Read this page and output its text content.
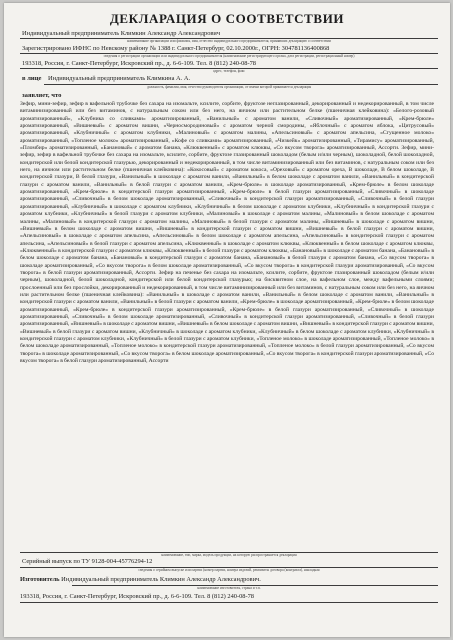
ДЕКЛАРАЦИЯ О СООТВЕТСТВИИ
Индивидуальный предприниматель Климкин Александр Александрович
наименование организации или фамилия, имя, отчество индивидуального предпринимателя, принявших декларацию о соответствии
Зарегистрировано ИФНС по Невскому району № 1388 г. Санкт-Петербург, 02.10.2000г., ОГРН: 304781136400868
сведения о регистрации организации или индивидуального предпринимателя (наименование регистрирующего органа, дата регистрации, регистрационный номер)
193318, Россия, г. Санкт-Петербург, Искровский пр., д. 6-6-109. Тел. 8 (812) 240-08-78
адрес, телефон, факс
в лице Индивидуальный предприниматель Климкина А. А.
должность, фамилия, имя, отчество руководителя организации, от имени которой принимается декларация
заявляет, что
Зефир, мини-зефир, зефир в вафельной трубочке без сахара на изомальте, ксилите, сорбите, фруктозе неглазированный, декорированный и недекорированный, в том числе витаминизированный или без витаминов, с натуральным соком или без него, на яичном или растительном белке (пшеничная клейковина): «Белого-розовый ароматизированный», «Клубника со сливками» ароматизированный, «Ванильный» с ароматом ванили, «Сливочный» ароматизированный, «Крем-брюле» ароматизированный, «Вишневый» с ароматом вишни, «Черносмородиновый» с ароматом черной смородины, «Яблочный» с ароматом яблока, «Цитрусовый» ароматизированный, «Клубничный» с ароматом клубники, «Малиновый» с ароматом малины, «Апельсиновый» с ароматом апельсина, «Сгущенное молоко» ароматизированный, «Топленое молоко» ароматизированный, «Кофе со сливками» ароматизированный, «Чизкейк» ароматизированный, «Тирамису» ароматизированный, «Пломбир» ароматизированный, «Банановый» с ароматом банана, «Клюквенный» с ароматом клюквы, «Со вкусом творога» ароматизированный, Ассорти. Зефир, мини-зефир, зефир в вафельной трубочке без сахара на изомальте, ксилите, сорбите, фруктозе глазированный шоколадом (белым и/или черным), шоколадной, белой шоколадной, кондитерской или белой кондитерской глазурью, декорированный и недекорированный, в том числе витаминизированный или без витаминов, с натуральным соком или без него, на яичном или растительном белке (пшеничная клейковина): «Кокосовый» с ароматом кокоса, «Ореховый» с ароматом ореха, В шоколаде, В белом шоколаде, В кондитерской глазури, В белой глазури, «Ванильный» в шоколаде с ароматом ванили, «Ванильный» в белом шоколаде с ароматом ванили, «Ванильный» в кондитерской глазури с ароматом ванили, «Ванильный» в белой глазури с ароматом ванили, «Крем-брюле» в шоколаде ароматизированный, «Крем-брюле» в белом шоколаде ароматизированный, «Крем-брюле» в кондитерской глазури ароматизированный, «Крем-брюле» в белой глазури ароматизированный, «Сливочный» в шоколаде ароматизированный, «Сливочный» в белом шоколаде ароматизированный, «Сливочный» в кондитерской глазури ароматизированный, «Сливочный» в белой глазури ароматизированный, «Клубничный» в шоколаде с ароматом клубники, «Клубничный» в белом шоколаде с ароматом клубники, «Клубничный» в кондитерской глазури с ароматом клубники, «Клубничный» в белой глазури с ароматом клубники, «Малиновый» в шоколаде с ароматом малины, «Малиновый» в белом шоколаде с ароматом малины, «Малиновый» в кондитерской глазури с ароматом малины, «Малиновый» в белой глазури с ароматом малины, «Вишневый» в шоколаде с ароматом вишни, «Вишневый» в белом шоколаде с ароматом вишни, «Вишневый» в кондитерской глазури с ароматом вишни, «Вишневый» в белой глазури с ароматом вишни, «Апельсиновый» в шоколаде с ароматом апельсина, «Апельсиновый» в белом шоколаде с ароматом апельсина, «Апельсиновый» в кондитерской глазури с ароматом апельсина, «Апельсиновый» в белой глазури с ароматом апельсина, «Клюквенный» в шоколаде с ароматом клюквы, «Клюквенный» в белом шоколаде с ароматом клюквы, «Клюквенный» в кондитерской глазури с ароматом клюквы, «Клюквенный» в белой глазури с ароматом клюквы, «Банановый» в шоколаде с ароматом банана, «Банановый» в белом шоколаде с ароматом банана, «Банановый» в кондитерской глазури с ароматом банана, «Банановый» в белой глазури с ароматом банана, «Со вкусом творога» в шоколаде ароматизированный, «Со вкусом творога» в белом шоколаде ароматизированный, «Со вкусом творога» в кондитерской глазури ароматизированный, «Со вкусом творога» в белой глазури ароматизированный, Ассорти. Зефир на печенье без сахара на изомальте, ксилите, сорбите, фруктозе глазированный шоколадом (белым и/или черным), шоколадной, белой шоколадной, кондитерской или белой кондитерской глазурью; на бисквитном слое, на вафельном слое, между вафельными слоями; прослоенный или без прослойки, декорированный и недекорированный, в том числе витаминизированный или без витаминов, с натуральным соком или без него, на яичном или растительном белке (пшеничная клейковина): «Ванильный» в шоколаде с ароматом ванили, «Ванильный» в белом шоколаде с ароматом ванили, «Ванильный» в кондитерской глазури с ароматом ванили, «Ванильный» в белой глазури с ароматом ванили, «Крем-брюле» в шоколаде ароматизированный, «Крем-брюле» в белом шоколаде ароматизированный, «Крем-брюле» в кондитерской глазури ароматизированный, «Крем-брюле» в белой глазури ароматизированный, «Сливочный» в шоколаде ароматизированный, «Сливочный» в белом шоколаде ароматизированный, «Сливочный» в кондитерской глазури ароматизированный, «Сливочный» в белой глазури ароматизированный, «Вишневый» в шоколаде с ароматом вишни, «Вишневый» в белом шоколаде с ароматом вишни, «Вишневый» в кондитерской глазури с ароматом вишни, «Вишневый» в белой глазури с ароматом вишни, «Клубничный» в шоколаде с ароматом клубники, «Клубничный» в белом шоколаде с ароматом клубники, «Клубничный» в кондитерской глазури с ароматом клубники, «Клубничный» в белой глазури с ароматом клубники, «Топленое молоко» в шоколаде ароматизированный, «Топленое молоко» в белом шоколаде ароматизированный, «Топленое молоко» в кондитерской глазури ароматизированный, «Топленое молоко» в белой глазури ароматизированный, «Со вкусом творога» в шоколаде ароматизированный, «Со вкусом творога» в белом шоколаде ароматизированный, «Со вкусом творога» в кондитерской глазури ароматизированный, «Со вкусом творога» в белой глазури ароматизированный, Ассорти
наименование, тип, марка, модель продукции, на которую распространяется декларация
Серийный выпуск по ТУ 9128-004-45776294-12
сведения о серийном выпуске или партии (номер партии, номера изделий, реквизиты договора (контракта), накладная
Изготовитель Индивидуальный предприниматель Климкин Александр Александрович.
наименование изготовителя, страна и т.п.
193318, Россия, г. Санкт-Петербург, Искровский пр., д. 6-6-109. Тел. 8 (812) 240-08-78
